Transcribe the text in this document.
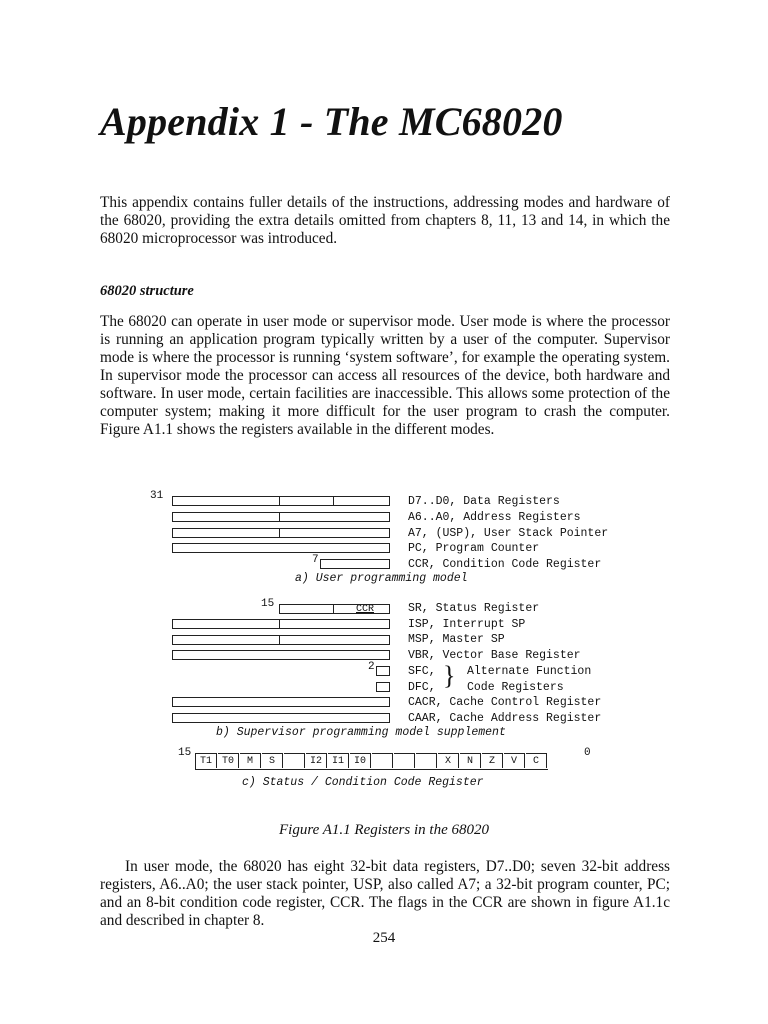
Appendix 1 - The MC68020
This appendix contains fuller details of the instructions, addressing modes and hardware of the 68020, providing the extra details omitted from chapters 8, 11, 13 and 14, in which the 68020 microprocessor was introduced.
68020 structure
The 68020 can operate in user mode or supervisor mode. User mode is where the processor is running an application program typically written by a user of the computer. Supervisor mode is where the processor is running ‘system software’, for example the operating system. In supervisor mode the processor can access all resources of the device, both hardware and software. In user mode, certain facilities are inaccessible. This allows some protection of the computer system; making it more difficult for the user program to crash the computer. Figure A1.1 shows the registers available in the different modes.
31
7
D7..D0, Data Registers
A6..A0, Address Registers
A7, (USP), User Stack Pointer
PC, Program Counter
CCR, Condition Code Register
a) User programming model
15	CCR
2
SR, Status Register
ISP, Interrupt SP
MSP, Master SP
VBR, Vector Base Register
SFC,
DFC, } Alternate Function
Code Registers
CACR, Cache Control Register
CAAR, Cache Address Register
b) Supervisor programming model supplement
15	0
T1 T0	M	S	I2 I1 I0	X	N	Z	V	C
c) Status / Condition Code Register
Figure A1.1 Registers in the 68020
In user mode, the 68020 has eight 32-bit data registers, D7..D0; seven 32-bit address registers, A6..A0; the user stack pointer, USP, also called A7; a 32-bit program counter, PC; and an 8-bit condition code register, CCR. The flags in the CCR are shown in figure A1.1c and described in chapter 8.
254
